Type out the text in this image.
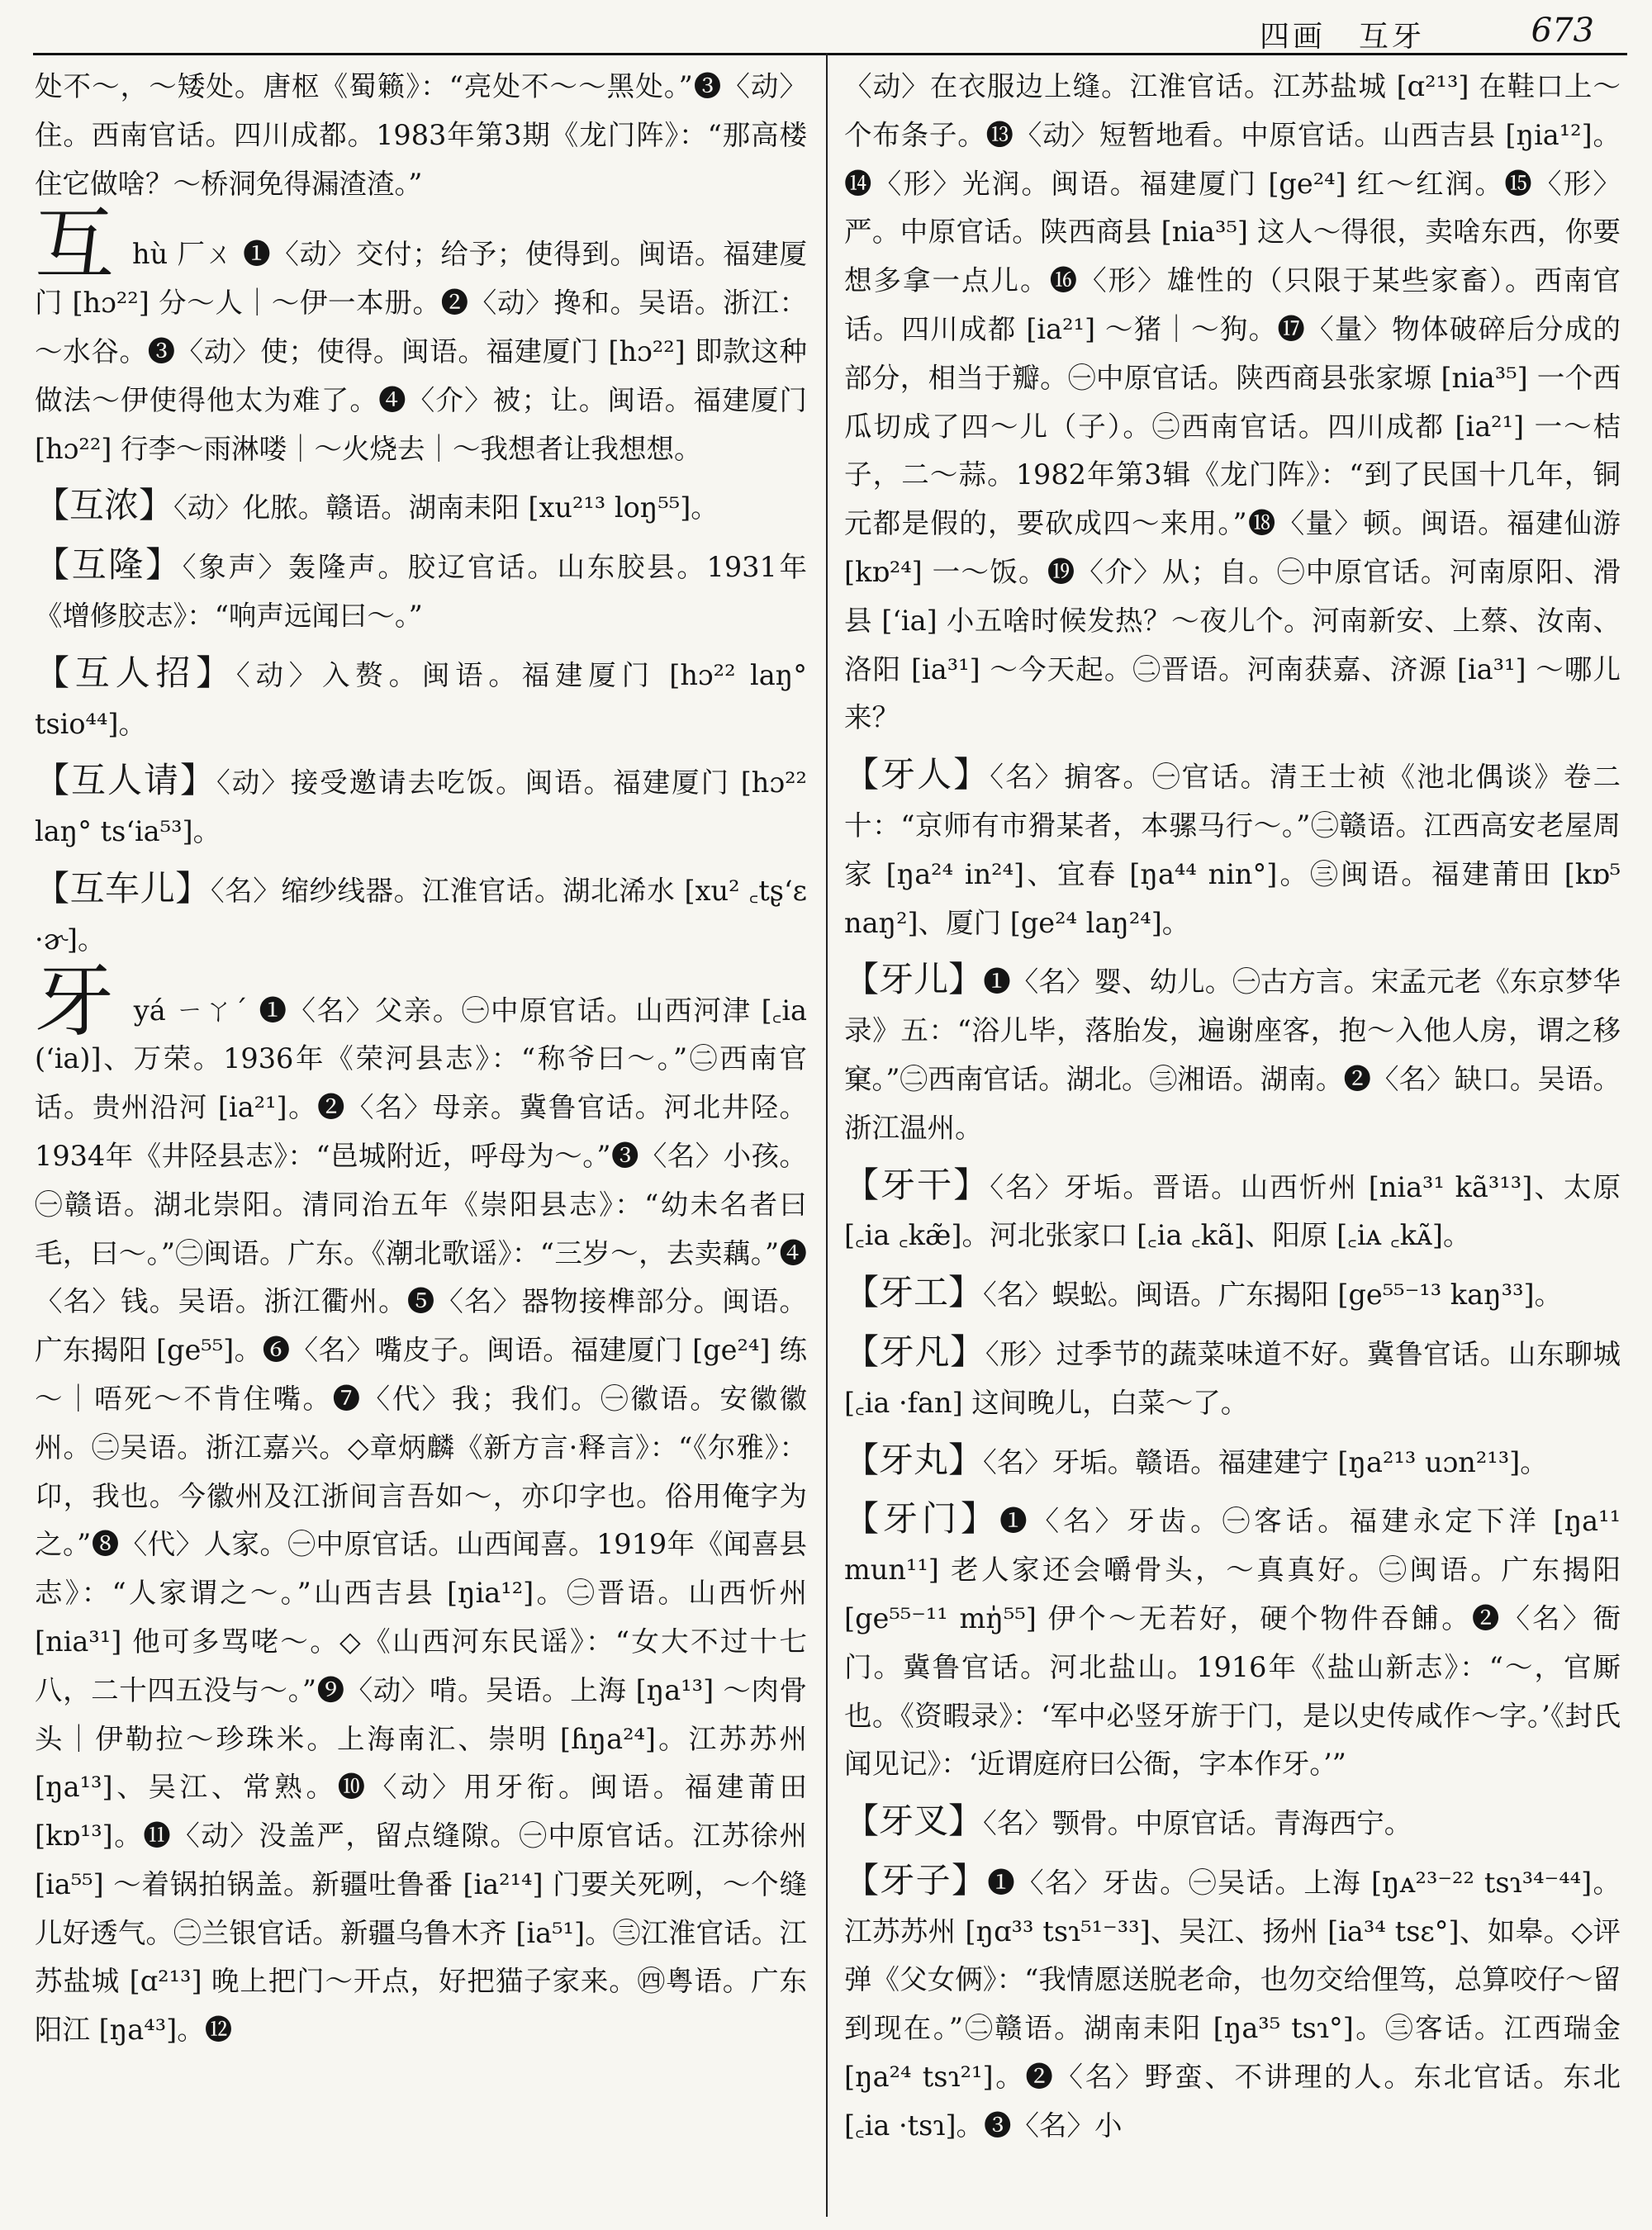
四画　互牙	673

处不～，～矮处。唐枢《蜀籁》：“亮处不～～黑处。”❸〈动〉住。西南官话。四川成都。1983年第3期《龙门阵》：“那高楼住它做啥？～桥洞免得漏渣渣。”

互 hù 厂ㄨ ❶〈动〉交付；给予；使得到。闽语。福建厦门 [hɔ²²] 分～人｜～伊一本册。❷〈动〉搀和。吴语。浙江：～水谷。❸〈动〉使；使得。闽语。福建厦门 [hɔ²²] 即款这种做法～伊使得他太为难了。❹〈介〉被；让。闽语。福建厦门 [hɔ²²] 行李～雨淋喽｜～火烧去｜～我想者让我想想。

【互浓】〈动〉化脓。赣语。湖南耒阳 [xu²¹³ loŋ⁵⁵]。

【互隆】〈象声〉轰隆声。胶辽官话。山东胶县。1931年《增修胶志》：“响声远闻曰～。”

【互人招】〈动〉入赘。闽语。福建厦门 [hɔ²² laŋ° tsio⁴⁴]。

【互人请】〈动〉接受邀请去吃饭。闽语。福建厦门 [hɔ²² laŋ° tsʻia⁵³]。

【互车儿】〈名〉缩纱线器。江淮官话。湖北浠水 [xu² ꜀tʂʻɛ ·ɚ]。

牙 yá ㄧㄚˊ ❶〈名〉父亲。㊀中原官话。山西河津 [꜀ia (ʻia)]、万荣。1936年《荣河县志》：“称爷曰～。”㊁西南官话。贵州沿河 [ia²¹]。❷〈名〉母亲。冀鲁官话。河北井陉。1934年《井陉县志》：“邑城附近，呼母为～。”❸〈名〉小孩。㊀赣语。湖北崇阳。清同治五年《崇阳县志》：“幼未名者曰毛，曰～。”㊁闽语。广东。《潮北歌谣》：“三岁～，去卖藕。”❹〈名〉钱。吴语。浙江衢州。❺〈名〉器物接榫部分。闽语。广东揭阳 [ge⁵⁵]。❻〈名〉嘴皮子。闽语。福建厦门 [ge²⁴] 练～｜唔死～不肯住嘴。❼〈代〉我；我们。㊀徽语。安徽徽州。㊁吴语。浙江嘉兴。◇章炳麟《新方言·释言》：“《尔雅》：卬，我也。今徽州及江浙间言吾如～，亦卬字也。俗用俺字为之。”❽〈代〉人家。㊀中原官话。山西闻喜。1919年《闻喜县志》：“人家谓之～。”山西吉县 [ŋia¹²]。㊁晋语。山西忻州 [nia³¹] 他可多骂咾～。◇《山西河东民谣》：“女大不过十七八，二十四五没与～。”❾〈动〉啃。吴语。上海 [ŋa¹³] ～肉骨头｜伊勒拉～珍珠米。上海南汇、崇明 [ɦŋa²⁴]。江苏苏州 [ŋa¹³]、吴江、常熟。❿〈动〉用牙衔。闽语。福建莆田 [kɒ¹³]。⓫〈动〉没盖严，留点缝隙。㊀中原官话。江苏徐州 [ia⁵⁵] ～着锅拍锅盖。新疆吐鲁番 [ia²¹⁴] 门要关死咧，～个缝儿好透气。㊁兰银官话。新疆乌鲁木齐 [ia⁵¹]。㊂江淮官话。江苏盐城 [ɑ²¹³] 晚上把门～开点，好把猫子家来。㊃粤语。广东阳江 [ŋa⁴³]。⓬

〈动〉在衣服边上缝。江淮官话。江苏盐城 [ɑ²¹³] 在鞋口上～个布条子。⓭〈动〉短暂地看。中原官话。山西吉县 [ŋia¹²]。⓮〈形〉光润。闽语。福建厦门 [ge²⁴] 红～红润。⓯〈形〉严。中原官话。陕西商县 [nia³⁵] 这人～得很，卖啥东西，你要想多拿一点儿。⓰〈形〉雄性的（只限于某些家畜）。西南官话。四川成都 [ia²¹] ～猪｜～狗。⓱〈量〉物体破碎后分成的部分，相当于瓣。㊀中原官话。陕西商县张家塬 [nia³⁵] 一个西瓜切成了四～儿（子）。㊁西南官话。四川成都 [ia²¹] 一～桔子，二～蒜。1982年第3辑《龙门阵》：“到了民国十几年，铜元都是假的，要砍成四～来用。”⓲〈量〉顿。闽语。福建仙游 [kɒ²⁴] 一～饭。⓳〈介〉从；自。㊀中原官话。河南原阳、滑县 [ʻia] 小五啥时候发热？～夜儿个。河南新安、上蔡、汝南、洛阳 [ia³¹] ～今天起。㊁晋语。河南获嘉、济源 [ia³¹] ～哪儿来？

【牙人】〈名〉掮客。㊀官话。清王士祯《池北偶谈》卷二十：“京师有市猾某者，本骡马行～。”㊁赣语。江西高安老屋周家 [ŋa²⁴ in²⁴]、宜春 [ŋa⁴⁴ nin°]。㊂闽语。福建莆田 [kɒ⁵ naŋ²]、厦门 [ge²⁴ laŋ²⁴]。

【牙儿】❶〈名〉婴、幼儿。㊀古方言。宋孟元老《东京梦华录》五：“浴儿毕，落胎发，遍谢座客，抱～入他人房，谓之移窠。”㊁西南官话。湖北。㊂湘语。湖南。❷〈名〉缺口。吴语。浙江温州。

【牙干】〈名〉牙垢。晋语。山西忻州 [nia³¹ kã³¹³]、太原 [꜀ia ꜀kæ̃]。河北张家口 [꜀ia ꜀kã]、阳原 [꜀iᴀ ꜀kᴀ̃]。

【牙工】〈名〉蜈蚣。闽语。广东揭阳 [ge⁵⁵⁻¹³ kaŋ³³]。

【牙凡】〈形〉过季节的蔬菜味道不好。冀鲁官话。山东聊城 [꜀ia ·fan] 这间晚儿，白菜～了。

【牙丸】〈名〉牙垢。赣语。福建建宁 [ŋa²¹³ uɔn²¹³]。

【牙门】❶〈名〉牙齿。㊀客话。福建永定下洋 [ŋa¹¹ mun¹¹] 老人家还会嚼骨头，～真真好。㊁闽语。广东揭阳 [ge⁵⁵⁻¹¹ mŋ̍⁵⁵] 伊个～无若好，硬个物件吞餔。❷〈名〉衙门。冀鲁官话。河北盐山。1916年《盐山新志》：“～，官厮也。《资暇录》：‘军中必竖牙旂于门，是以史传咸作～字。’《封氏闻见记》：‘近谓庭府曰公衙，字本作牙。’”

【牙叉】〈名〉颚骨。中原官话。青海西宁。

【牙子】❶〈名〉牙齿。㊀吴话。上海 [ŋᴀ²³⁻²² tsɿ³⁴⁻⁴⁴]。江苏苏州 [ŋɑ³³ tsɿ⁵¹⁻³³]、吴江、扬州 [ia³⁴ tsɛ°]、如皋。◇评弹《父女俩》：“我情愿送脱老命，也勿交给俚笃，总算咬仔～留到现在。”㊁赣语。湖南耒阳 [ŋa³⁵ tsɿ°]。㊂客话。江西瑞金 [ŋa²⁴ tsɿ²¹]。❷〈名〉野蛮、不讲理的人。东北官话。东北 [꜀ia ·tsɿ]。❸〈名〉小
